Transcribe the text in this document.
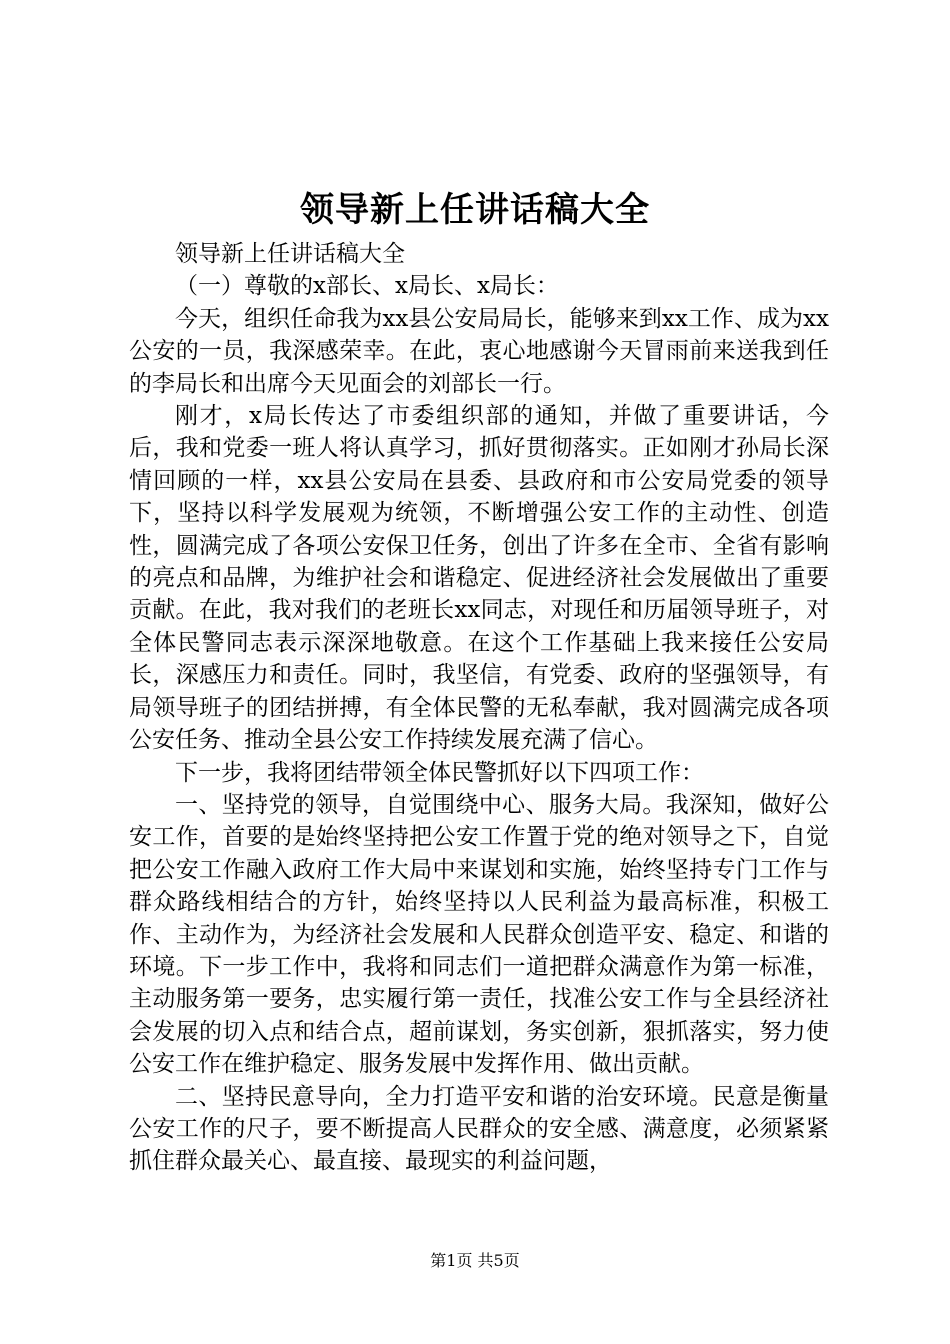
领导新上任讲话稿大全

领导新上任讲话稿大全

（一）尊敬的x部长、x局长、x局长：

今天，组织任命我为xx县公安局局长，能够来到xx工作、成为xx公安的一员，我深感荣幸。在此，衷心地感谢今天冒雨前来送我到任的李局长和出席今天见面会的刘部长一行。

刚才，x局长传达了市委组织部的通知，并做了重要讲话，今后，我和党委一班人将认真学习，抓好贯彻落实。正如刚才孙局长深情回顾的一样，xx县公安局在县委、县政府和市公安局党委的领导下，坚持以科学发展观为统领，不断增强公安工作的主动性、创造性，圆满完成了各项公安保卫任务，创出了许多在全市、全省有影响的亮点和品牌，为维护社会和谐稳定、促进经济社会发展做出了重要贡献。在此，我对我们的老班长xx同志，对现任和历届领导班子，对全体民警同志表示深深地敬意。在这个工作基础上我来接任公安局长，深感压力和责任。同时，我坚信，有党委、政府的坚强领导，有局领导班子的团结拼搏，有全体民警的无私奉献，我对圆满完成各项公安任务、推动全县公安工作持续发展充满了信心。

下一步，我将团结带领全体民警抓好以下四项工作：

一、坚持党的领导，自觉围绕中心、服务大局。我深知，做好公安工作，首要的是始终坚持把公安工作置于党的绝对领导之下，自觉把公安工作融入政府工作大局中来谋划和实施，始终坚持专门工作与群众路线相结合的方针，始终坚持以人民利益为最高标准，积极工作、主动作为，为经济社会发展和人民群众创造平安、稳定、和谐的环境。下一步工作中，我将和同志们一道把群众满意作为第一标准，主动服务第一要务，忠实履行第一责任，找准公安工作与全县经济社会发展的切入点和结合点，超前谋划，务实创新，狠抓落实，努力使公安工作在维护稳定、服务发展中发挥作用、做出贡献。

二、坚持民意导向，全力打造平安和谐的治安环境。民意是衡量公安工作的尺子，要不断提高人民群众的安全感、满意度，必须紧紧抓住群众最关心、最直接、最现实的利益问题，

第1页 共5页
